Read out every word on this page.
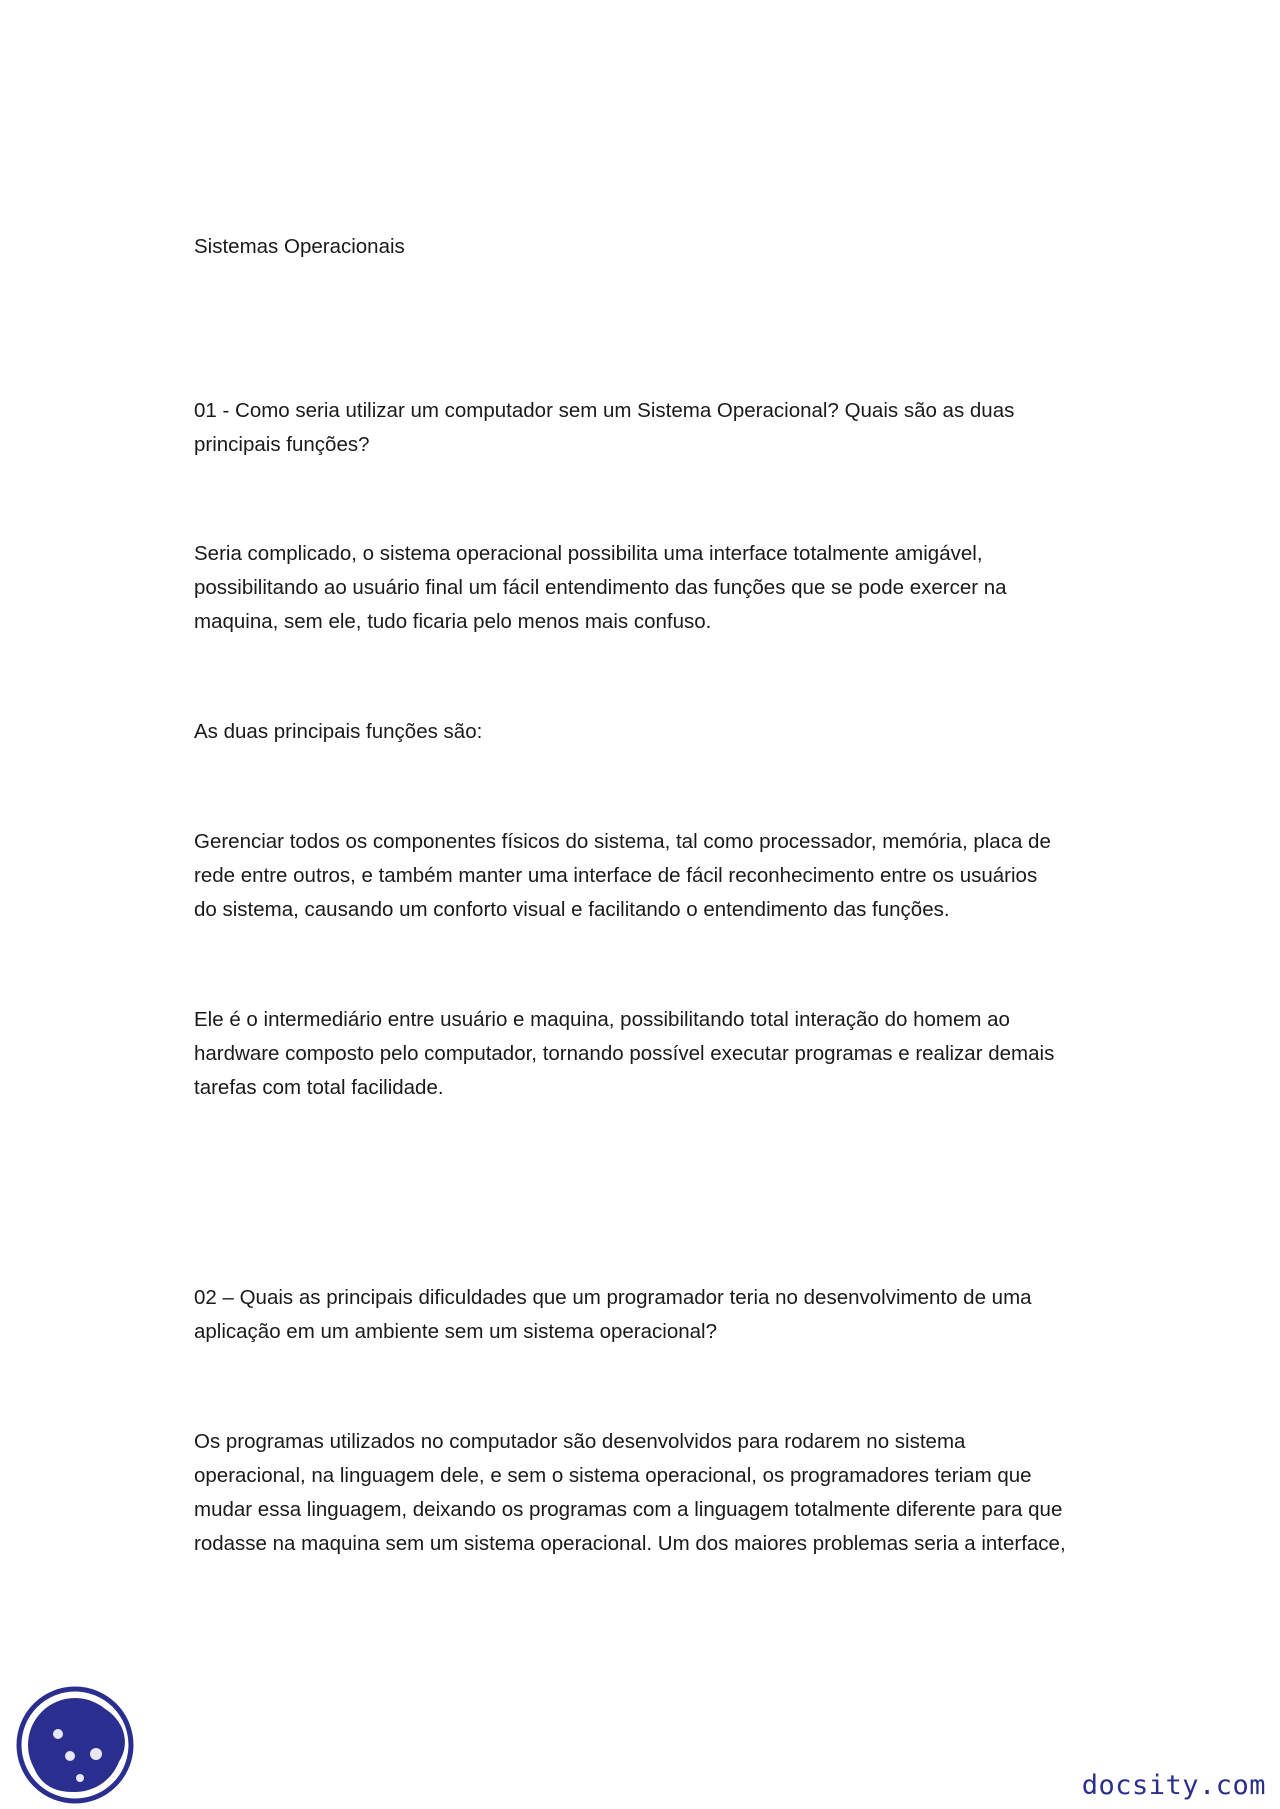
Sistemas Operacionais
01 - Como seria utilizar um computador sem um Sistema Operacional? Quais são as duas
principais funções?
Seria complicado, o sistema operacional possibilita uma interface totalmente amigável,
possibilitando ao usuário final um fácil entendimento das funções que se pode exercer na
maquina, sem ele, tudo ficaria pelo menos mais confuso.
As duas principais funções são:
Gerenciar todos os componentes físicos do sistema, tal como processador, memória, placa de
rede entre outros, e também manter uma interface de fácil reconhecimento entre os usuários
do sistema, causando um conforto visual e facilitando o entendimento das funções.
Ele é o intermediário entre usuário e maquina, possibilitando total interação do homem ao
hardware composto pelo computador, tornando possível executar programas e realizar demais
tarefas com total facilidade.
02 – Quais as principais dificuldades que um programador teria no desenvolvimento de uma
aplicação em um ambiente sem um sistema operacional?
Os programas utilizados no computador são desenvolvidos para rodarem no sistema
operacional, na linguagem dele, e sem o sistema operacional, os programadores teriam que
mudar essa linguagem, deixando os programas com a linguagem totalmente diferente para que
rodasse na maquina sem um sistema operacional. Um dos maiores problemas seria a interface,
docsity.com
